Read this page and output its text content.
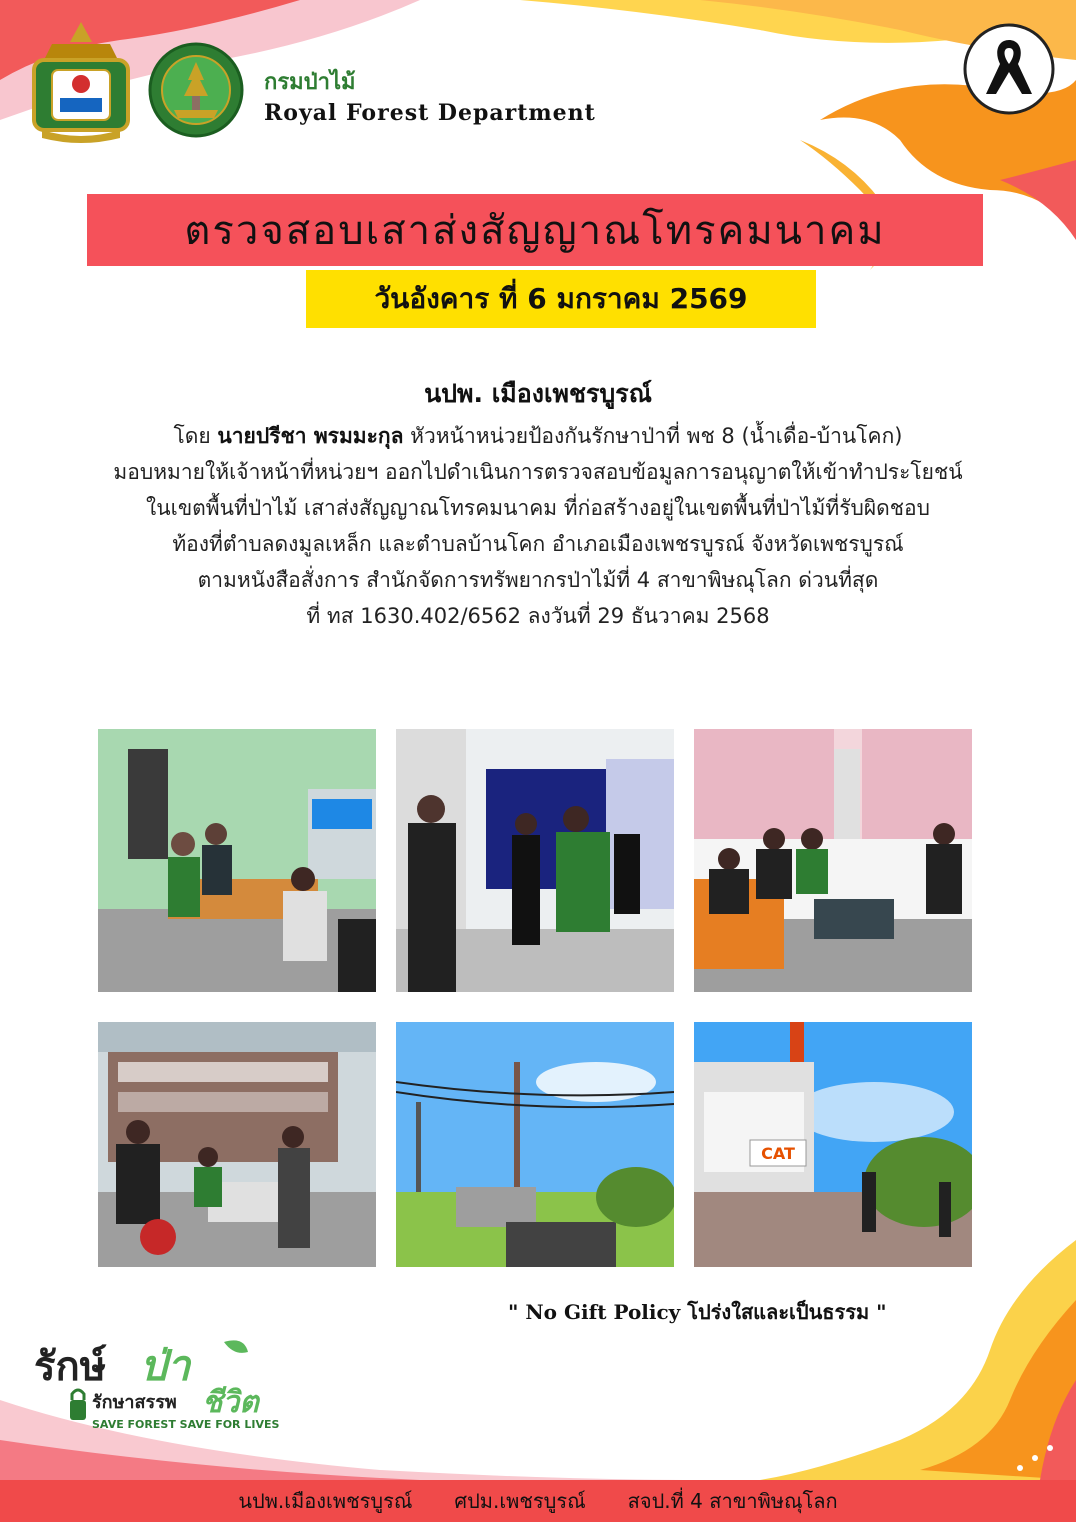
กรมป่าไม้
Royal Forest Department
ตรวจสอบเสาส่งสัญญาณโทรคมนาคม
วันอังคาร ที่ 6 มกราคม 2569
นปพ. เมืองเพชรบูรณ์
โดย นายปรีชา พรมมะกุล หัวหน้าหน่วยป้องกันรักษาป่าที่ พช 8 (น้ำเดื่อ-บ้านโคก)
มอบหมายให้เจ้าหน้าที่หน่วยฯ ออกไปดำเนินการตรวจสอบข้อมูลการอนุญาตให้เข้าทำประโยชน์
ในเขตพื้นที่ป่าไม้ เสาส่งสัญญาณโทรคมนาคม ที่ก่อสร้างอยู่ในเขตพื้นที่ป่าไม้ที่รับผิดชอบ
ท้องที่ตำบลดงมูลเหล็ก และตำบลบ้านโคก อำเภอเมืองเพชรบูรณ์ จังหวัดเพชรบูรณ์
ตามหนังสือสั่งการ สำนักจัดการทรัพยากรป่าไม้ที่ 4 สาขาพิษณุโลก ด่วนที่สุด
ที่ ทส 1630.402/6562 ลงวันที่ 29 ธันวาคม 2568
CAT
" No Gift Policy โปร่งใสและเป็นธรรม "
รักษ์ ป่า
รักษาสรรพ ชีวิต
SAVE FOREST SAVE FOR LIVES
นปพ.เมืองเพชรบูรณ์ ศปม.เพชรบูรณ์ สจป.ที่ 4 สาขาพิษณุโลก
